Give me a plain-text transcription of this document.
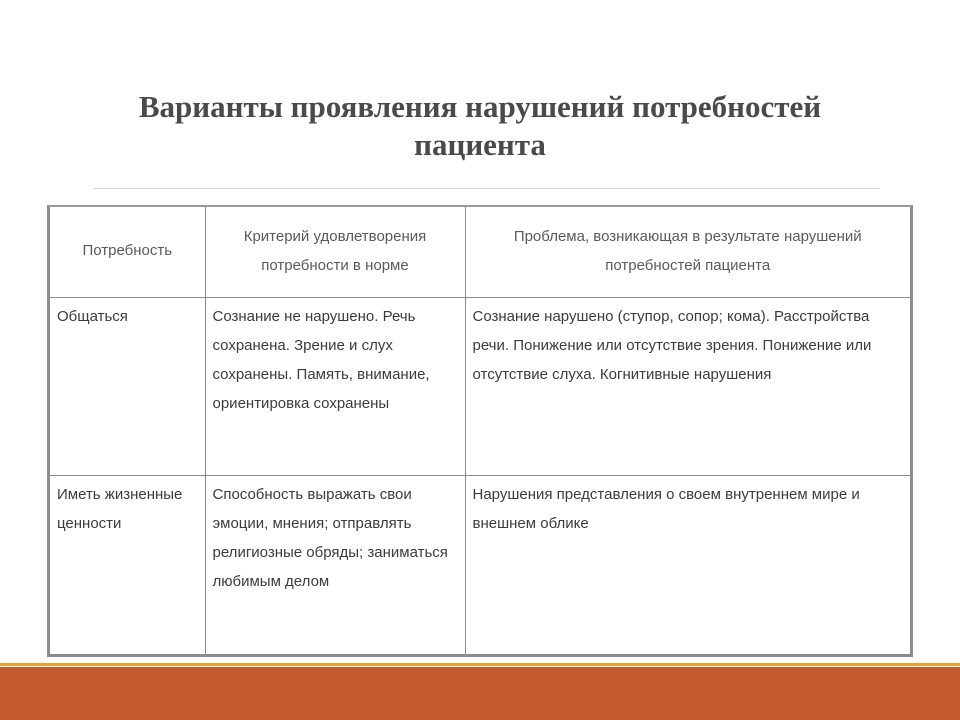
Варианты проявления нарушений потребностей
пациента
Потребность	Критерий удовлетворения потребности в норме	Проблема, возникающая в результате нарушений потребностей пациента
Общаться	Сознание не нарушено. Речь сохранена. Зрение и слух сохранены. Память, внимание, ориентировка сохранены	Сознание нарушено (ступор, сопор; кома). Расстройства речи. Понижение или отсутствие зрения. Понижение или отсутствие слуха. Когнитивные нарушения
Иметь жизненные ценности	Способность выражать свои эмоции, мнения; отправлять религиозные обряды; заниматься любимым делом	Нарушения представления о своем внутреннем мире и внешнем облике
